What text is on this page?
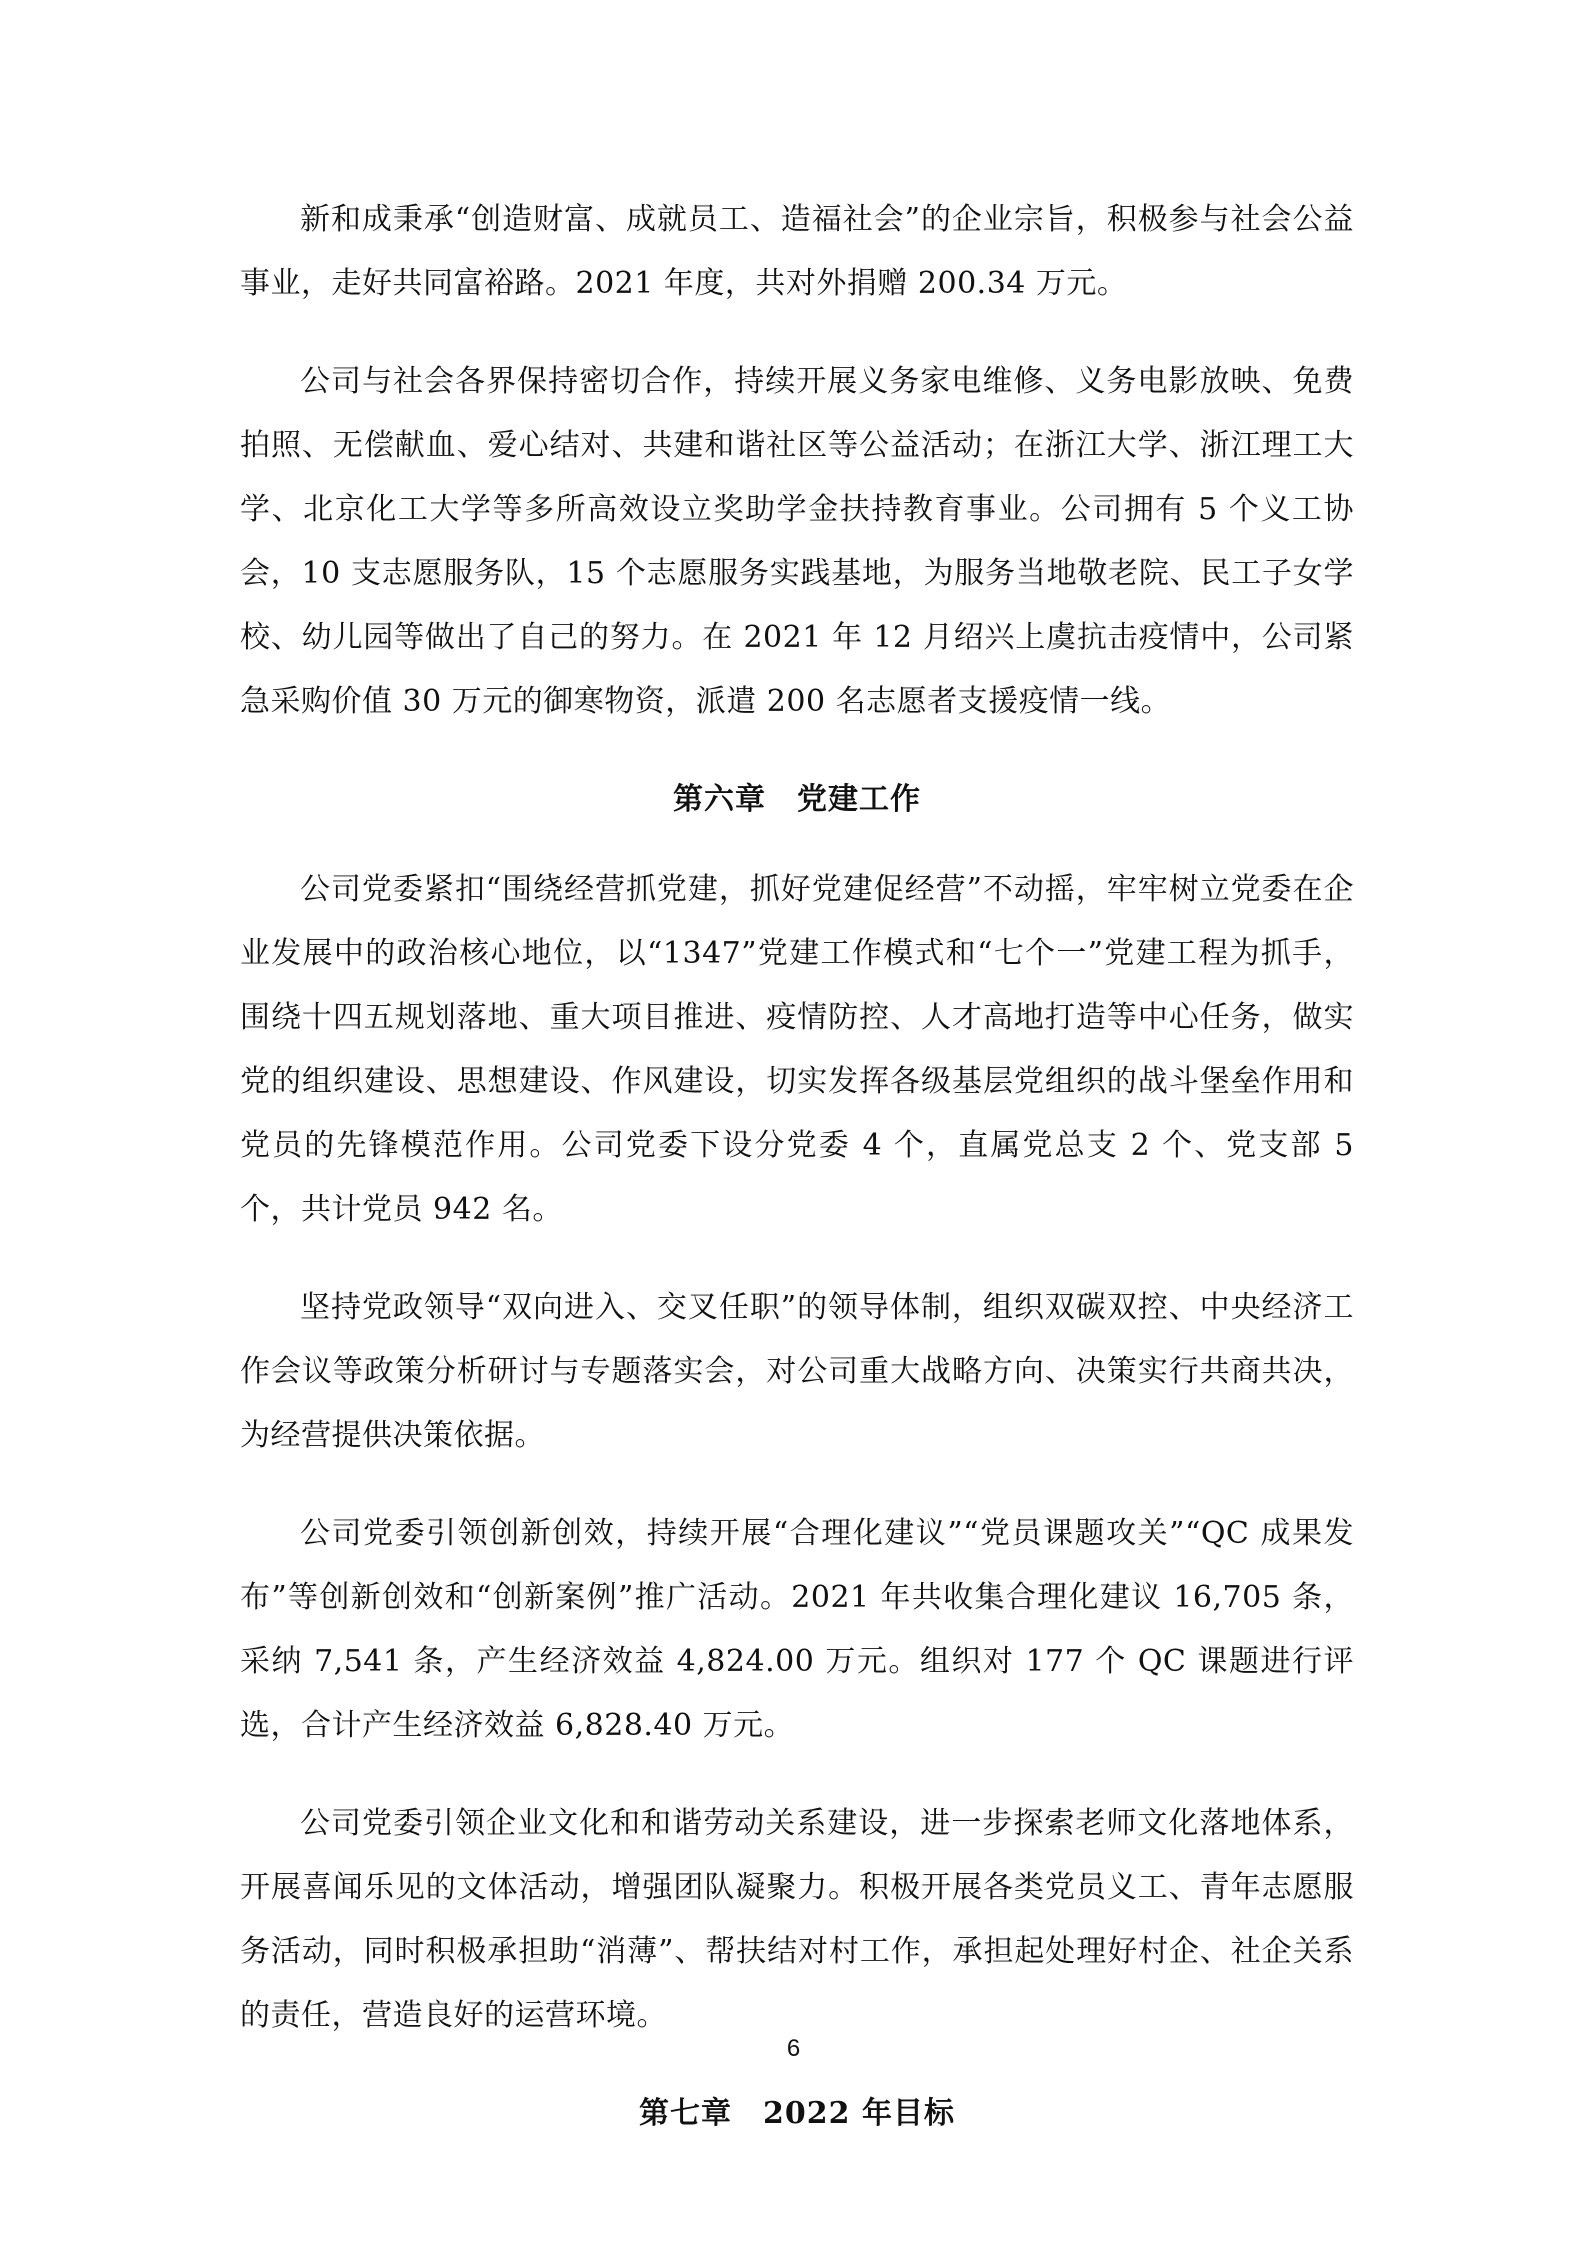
新和成秉承“创造财富、成就员工、造福社会”的企业宗旨，积极参与社会公益事业，走好共同富裕路。2021 年度，共对外捐赠 200.34 万元。

公司与社会各界保持密切合作，持续开展义务家电维修、义务电影放映、免费拍照、无偿献血、爱心结对、共建和谐社区等公益活动；在浙江大学、浙江理工大学、北京化工大学等多所高效设立奖助学金扶持教育事业。公司拥有 5 个义工协会，10 支志愿服务队，15 个志愿服务实践基地，为服务当地敬老院、民工子女学校、幼儿园等做出了自己的努力。在 2021 年 12 月绍兴上虞抗击疫情中，公司紧急采购价值 30 万元的御寒物资，派遣 200 名志愿者支援疫情一线。

第六章　党建工作

公司党委紧扣“围绕经营抓党建，抓好党建促经营”不动摇，牢牢树立党委在企业发展中的政治核心地位，以“1347”党建工作模式和“七个一”党建工程为抓手，围绕十四五规划落地、重大项目推进、疫情防控、人才高地打造等中心任务，做实党的组织建设、思想建设、作风建设，切实发挥各级基层党组织的战斗堡垒作用和党员的先锋模范作用。公司党委下设分党委 4 个，直属党总支 2 个、党支部 5 个，共计党员 942 名。

坚持党政领导“双向进入、交叉任职”的领导体制，组织双碳双控、中央经济工作会议等政策分析研讨与专题落实会，对公司重大战略方向、决策实行共商共决，为经营提供决策依据。

公司党委引领创新创效，持续开展“合理化建议”“党员课题攻关”“QC 成果发布”等创新创效和“创新案例”推广活动。2021 年共收集合理化建议 16,705 条，采纳 7,541 条，产生经济效益 4,824.00 万元。组织对 177 个 QC 课题进行评选，合计产生经济效益 6,828.40 万元。

公司党委引领企业文化和和谐劳动关系建设，进一步探索老师文化落地体系，开展喜闻乐见的文体活动，增强团队凝聚力。积极开展各类党员义工、青年志愿服务活动，同时积极承担助“消薄”、帮扶结对村工作，承担起处理好村企、社企关系的责任，营造良好的运营环境。

第七章　2022 年目标
6
